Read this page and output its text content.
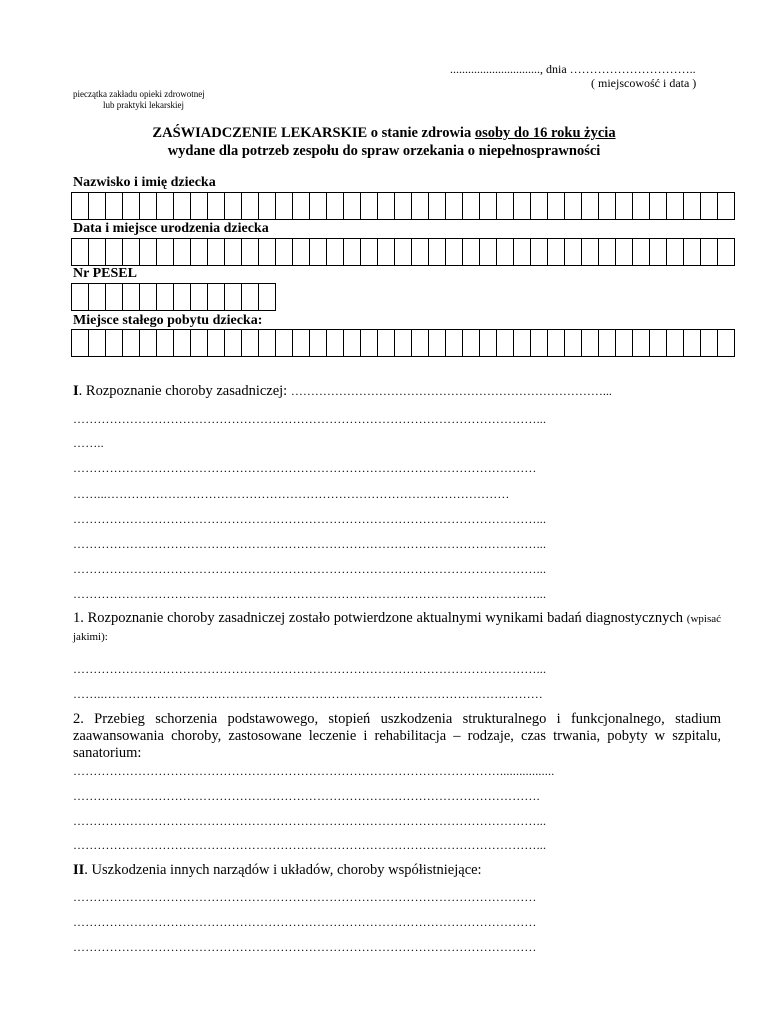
.............................., dnia …………………………..
( miejscowość i data )
pieczątka zakładu opieki zdrowotnej
lub praktyki lekarskiej
ZAŚWIADCZENIE LEKARSKIE o stanie zdrowia osoby do 16 roku życia
wydane dla potrzeb zespołu do spraw orzekania o niepełnosprawności
Nazwisko i imię dziecka
Data i miejsce urodzenia dziecka
Nr PESEL
Miejsce stałego pobytu dziecka:
I. Rozpoznanie choroby zasadniczej: ……………………………………………………………………...
……………………………………………………………………………………………………...
……..
……………………………………………………………………………………………………
……...………………………………………………………………………………………
……………………………………………………………………………………………………...
……………………………………………………………………………………………………...
……………………………………………………………………………………………………...
……………………………………………………………………………………………………...
1. Rozpoznanie choroby zasadniczej zostało potwierdzone aktualnymi wynikami badań diagnostycznych (wpisać jakimi):
……………………………………………………………………………………………………...
……..………………………………………………………………………………………………
2. Przebieg schorzenia podstawowego, stopień uszkodzenia strukturalnego i funkcjonalnego, stadium zaawansowania choroby, zastosowane leczenie i rehabilitacja – rodzaje, czas trwania, pobyty w szpitalu, sanatorium:
…………………………………………………………………………………………….................
…………………………………………………………………………………………………….
……………………………………………………………………………………………………...
……………………………………………………………………………………………………...
II. Uszkodzenia innych narządów i układów, choroby współistniejące:
……………………………………………………………………………………………………
……………………………………………………………………………………………………
……………………………………………………………………………………………………
